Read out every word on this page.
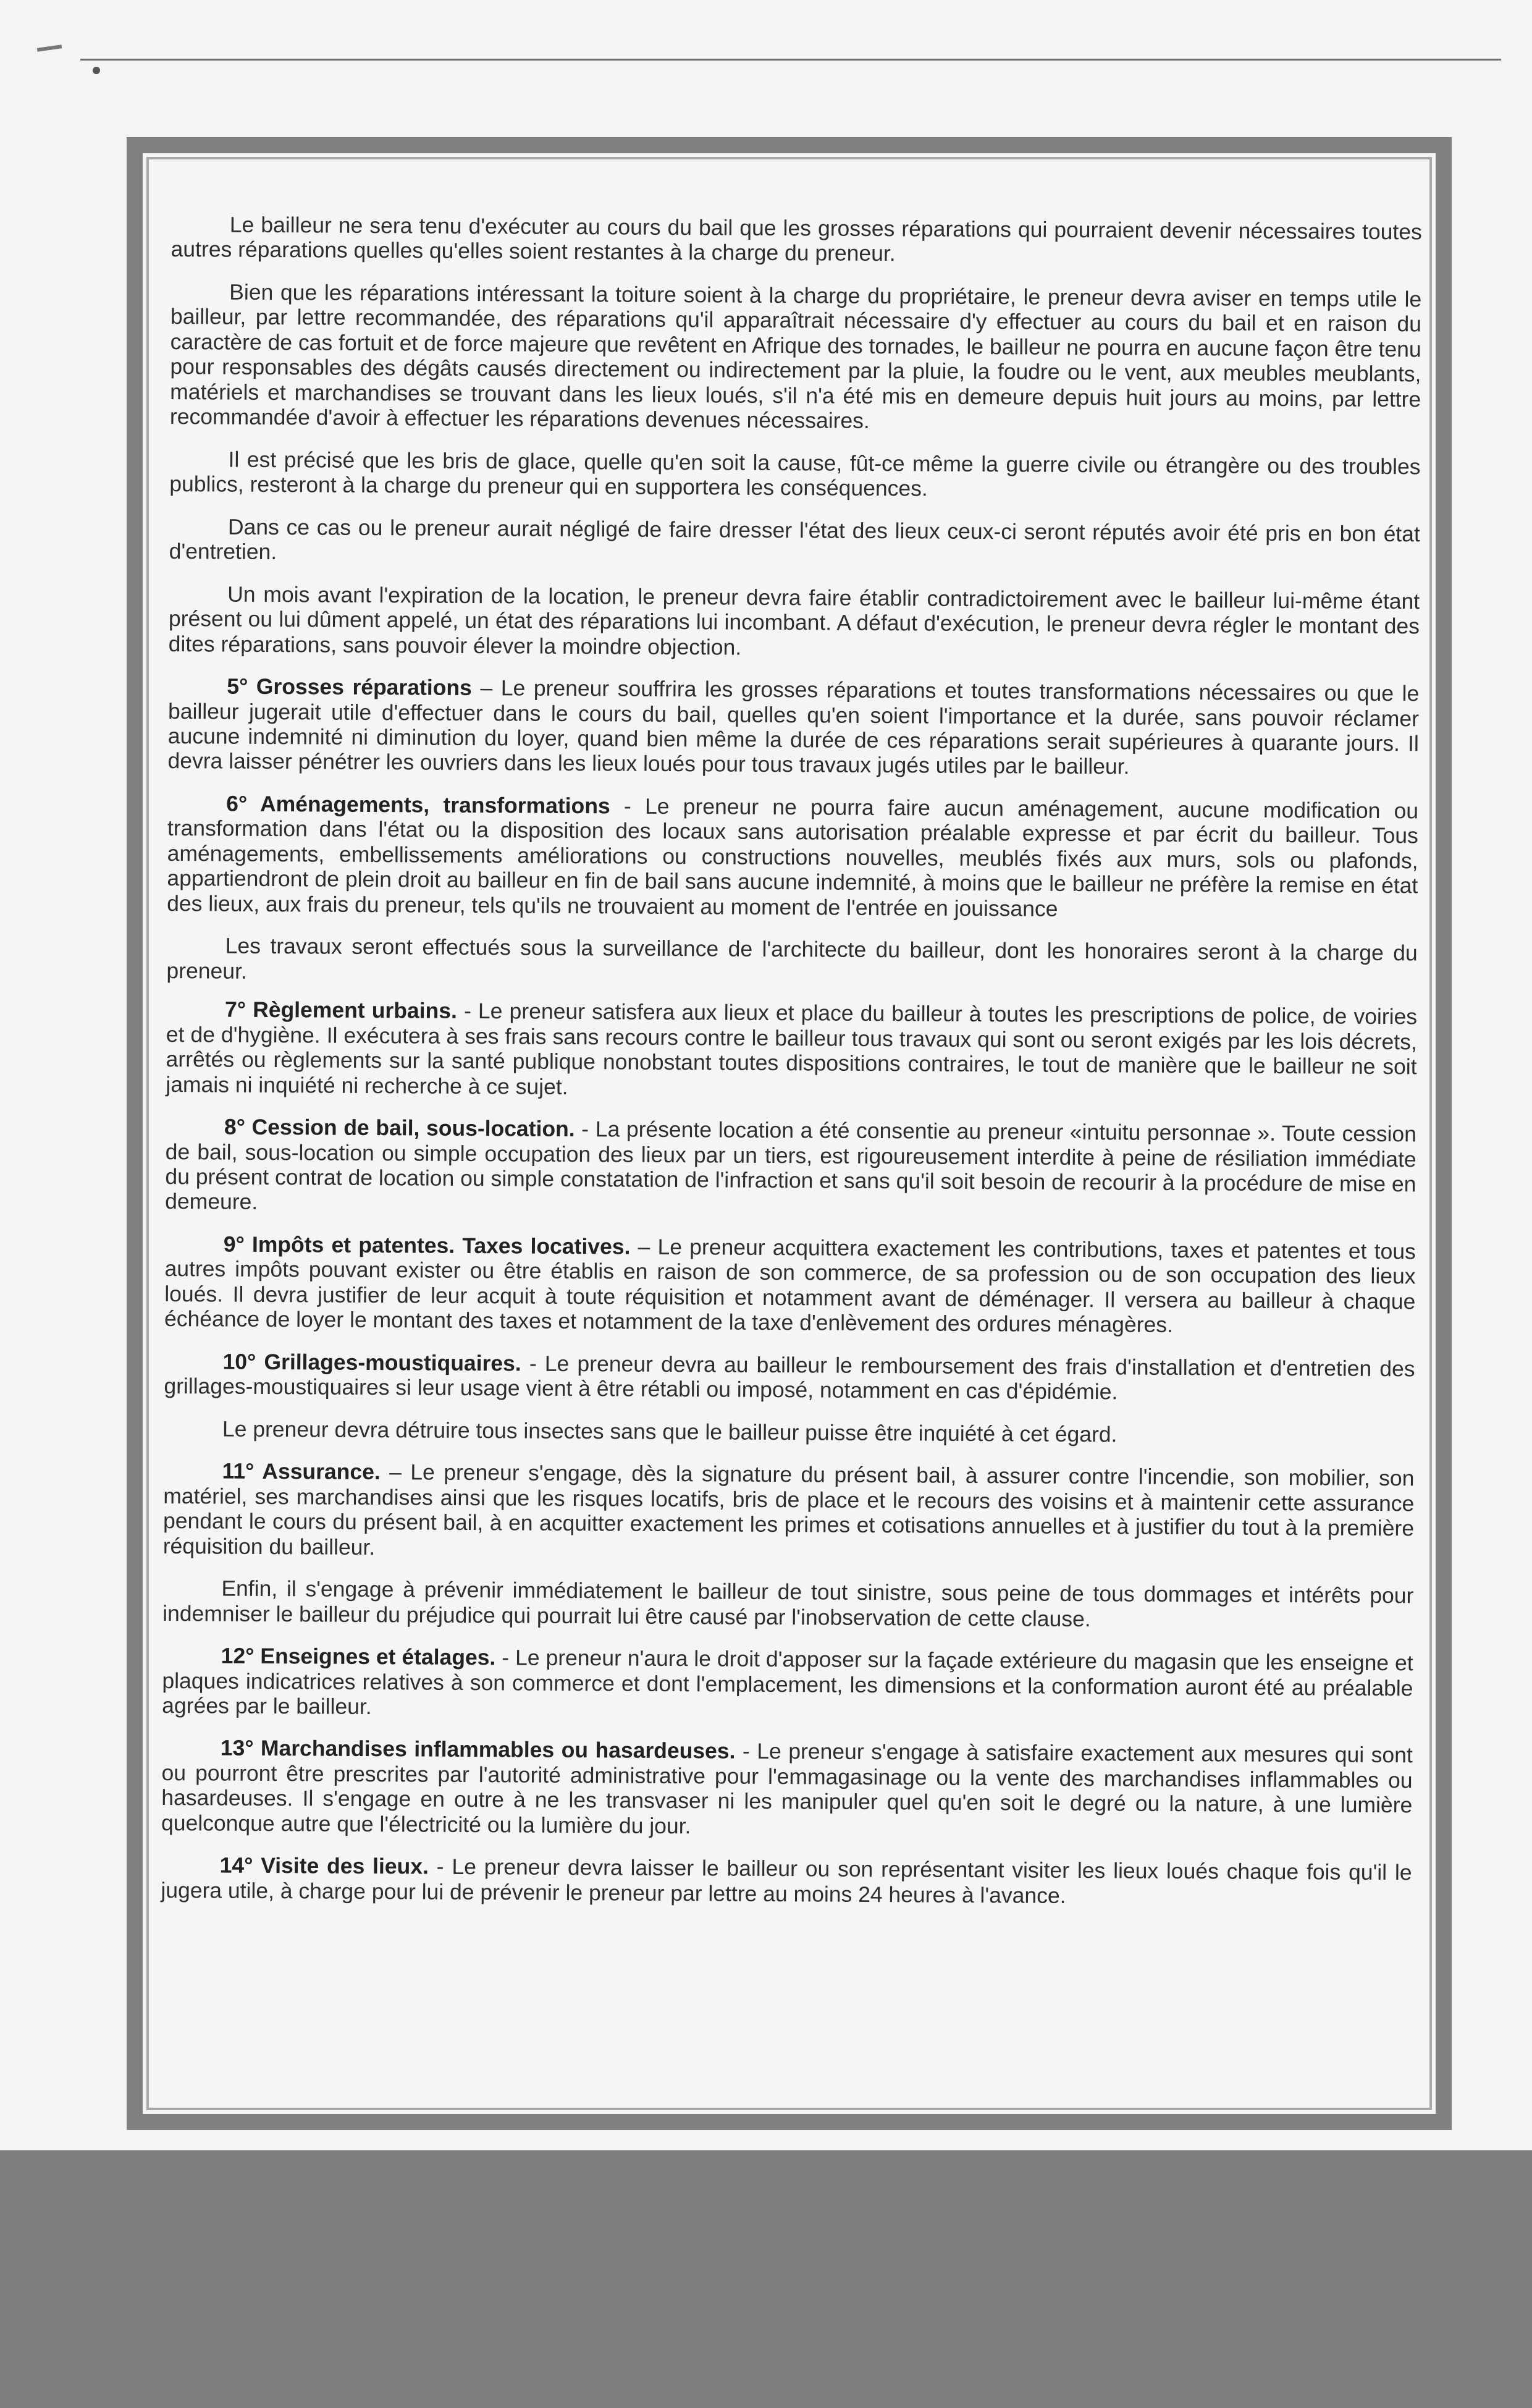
Le bailleur ne sera tenu d'exécuter au cours du bail que les grosses réparations qui pourraient devenir nécessaires toutes autres réparations quelles qu'elles soient restantes à la charge du preneur.

Bien que les réparations intéressant la toiture soient à la charge du propriétaire, le preneur devra aviser en temps utile le bailleur, par lettre recommandée, des réparations qu'il apparaîtrait nécessaire d'y effectuer au cours du bail et en raison du caractère de cas fortuit et de force majeure que revêtent en Afrique des tornades, le bailleur ne pourra en aucune façon être tenu pour responsables des dégâts causés directement ou indirectement par la pluie, la foudre ou le vent, aux meubles meublants, matériels et marchandises se trouvant dans les lieux loués, s'il n'a été mis en demeure depuis huit jours au moins, par lettre recommandée d'avoir à effectuer les réparations devenues nécessaires.

Il est précisé que les bris de glace, quelle qu'en soit la cause, fût-ce même la guerre civile ou étrangère ou des troubles publics, resteront à la charge du preneur qui en supportera les conséquences.

Dans ce cas ou le preneur aurait négligé de faire dresser l'état des lieux ceux-ci seront réputés avoir été pris en bon état d'entretien.

Un mois avant l'expiration de la location, le preneur devra faire établir contradictoirement avec le bailleur lui-même étant présent ou lui dûment appelé, un état des réparations lui incombant. A défaut d'exécution, le preneur devra régler le montant des dites réparations, sans pouvoir élever la moindre objection.

5° Grosses réparations – Le preneur souffrira les grosses réparations et toutes transformations nécessaires ou que le bailleur jugerait utile d'effectuer dans le cours du bail, quelles qu'en soient l'importance et la durée, sans pouvoir réclamer aucune indemnité ni diminution du loyer, quand bien même la durée de ces réparations serait supérieures à quarante jours. Il devra laisser pénétrer les ouvriers dans les lieux loués pour tous travaux jugés utiles par le bailleur.

6° Aménagements, transformations - Le preneur ne pourra faire aucun aménagement, aucune modification ou transformation dans l'état ou la disposition des locaux sans autorisation préalable expresse et par écrit du bailleur. Tous aménagements, embellissements améliorations ou constructions nouvelles, meublés fixés aux murs, sols ou plafonds, appartiendront de plein droit au bailleur en fin de bail sans aucune indemnité, à moins que le bailleur ne préfère la remise en état des lieux, aux frais du preneur, tels qu'ils ne trouvaient au moment de l'entrée en jouissance

Les travaux seront effectués sous la surveillance de l'architecte du bailleur, dont les honoraires seront à la charge du preneur.

7° Règlement urbains. - Le preneur satisfera aux lieux et place du bailleur à toutes les prescriptions de police, de voiries et de d'hygiène. Il exécutera à ses frais sans recours contre le bailleur tous travaux qui sont ou seront exigés par les lois décrets, arrêtés ou règlements sur la santé publique nonobstant toutes dispositions contraires, le tout de manière que le bailleur ne soit jamais ni inquiété ni recherche à ce sujet.

8° Cession de bail, sous-location. - La présente location a été consentie au preneur «intuitu personnae ». Toute cession de bail, sous-location ou simple occupation des lieux par un tiers, est rigoureusement interdite à peine de résiliation immédiate du présent contrat de location ou simple constatation de l'infraction et sans qu'il soit besoin de recourir à la procédure de mise en demeure.

9° Impôts et patentes. Taxes locatives. – Le preneur acquittera exactement les contributions, taxes et patentes et tous autres impôts pouvant exister ou être établis en raison de son commerce, de sa profession ou de son occupation des lieux loués. Il devra justifier de leur acquit à toute réquisition et notamment avant de déménager. Il versera au bailleur à chaque échéance de loyer le montant des taxes et notamment de la taxe d'enlèvement des ordures ménagères.

10° Grillages-moustiquaires. - Le preneur devra au bailleur le remboursement des frais d'installation et d'entretien des grillages-moustiquaires si leur usage vient à être rétabli ou imposé, notamment en cas d'épidémie.

Le preneur devra détruire tous insectes sans que le bailleur puisse être inquiété à cet égard.

11° Assurance. – Le preneur s'engage, dès la signature du présent bail, à assurer contre l'incendie, son mobilier, son matériel, ses marchandises ainsi que les risques locatifs, bris de place et le recours des voisins et à maintenir cette assurance pendant le cours du présent bail, à en acquitter exactement les primes et cotisations annuelles et à justifier du tout à la première réquisition du bailleur.

Enfin, il s'engage à prévenir immédiatement le bailleur de tout sinistre, sous peine de tous dommages et intérêts pour indemniser le bailleur du préjudice qui pourrait lui être causé par l'inobservation de cette clause.

12° Enseignes et étalages. - Le preneur n'aura le droit d'apposer sur la façade extérieure du magasin que les enseigne et plaques indicatrices relatives à son commerce et dont l'emplacement, les dimensions et la conformation auront été au préalable agrées par le bailleur.

13° Marchandises inflammables ou hasardeuses. - Le preneur s'engage à satisfaire exactement aux mesures qui sont ou pourront être prescrites par l'autorité administrative pour l'emmagasinage ou la vente des marchandises inflammables ou hasardeuses. Il s'engage en outre à ne les transvaser ni les manipuler quel qu'en soit le degré ou la nature, à une lumière quelconque autre que l'électricité ou la lumière du jour.

14° Visite des lieux. - Le preneur devra laisser le bailleur ou son représentant visiter les lieux loués chaque fois qu'il le jugera utile, à charge pour lui de prévenir le preneur par lettre au moins 24 heures à l'avance.
